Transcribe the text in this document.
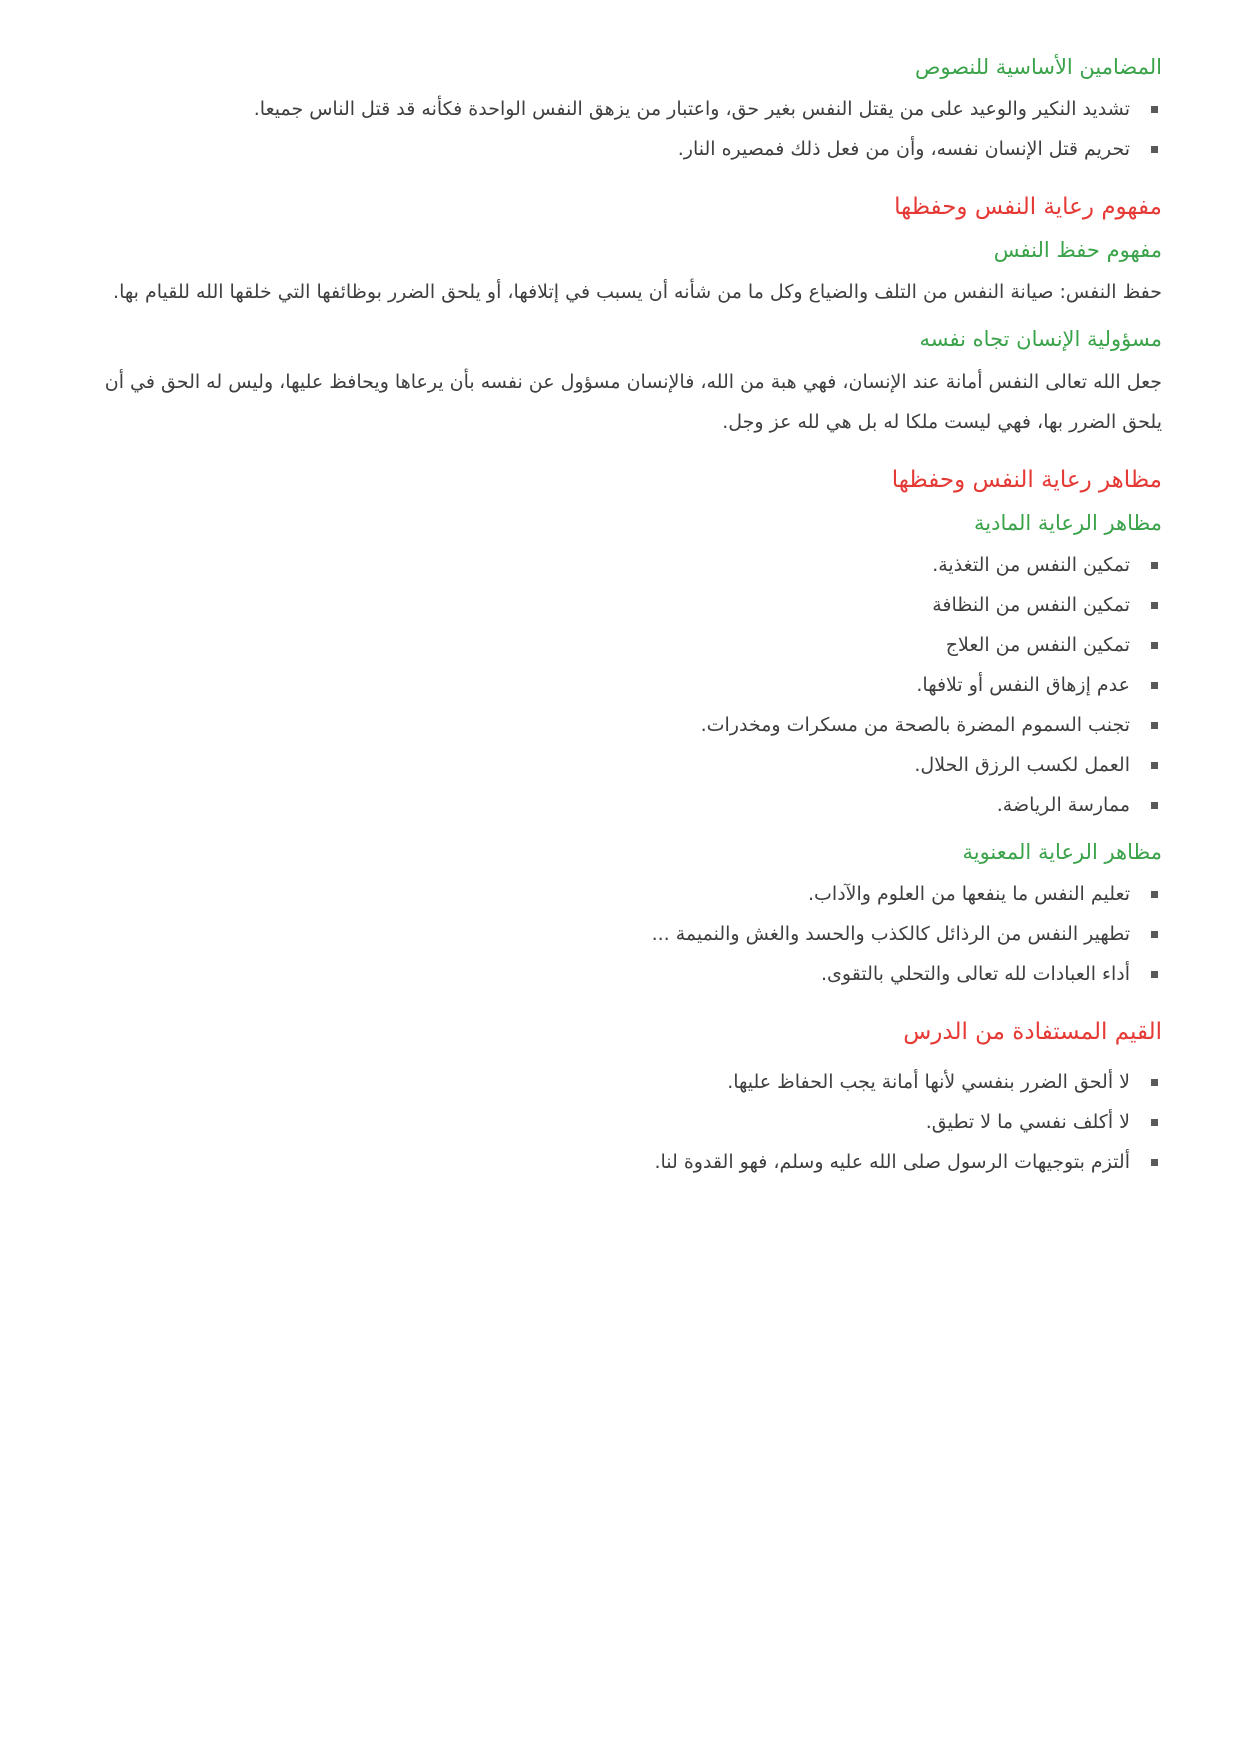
المضامين الأساسية للنصوص
تشديد النكير والوعيد على من يقتل النفس بغير حق، واعتبار من يزهق النفس الواحدة فكأنه قد قتل الناس جميعا.
تحريم قتل الإنسان نفسه، وأن من فعل ذلك فمصيره النار.
مفهوم رعاية النفس وحفظها
مفهوم حفظ النفس

حفظ النفس: صيانة النفس من التلف والضياع وكل ما من شأنه أن يسبب في إتلافها، أو يلحق الضرر بوظائفها التي خلقها الله للقيام بها.

مسؤولية الإنسان تجاه نفسه

جعل الله تعالى النفس أمانة عند الإنسان، فهي هبة من الله، فالإنسان مسؤول عن نفسه بأن يرعاها ويحافظ عليها، وليس له الحق في أن يلحق الضرر بها، فهي ليست ملكا له بل هي لله عز وجل.

مظاهر رعاية النفس وحفظها
مظاهر الرعاية المادية
تمكين النفس من التغذية.
تمكين النفس من النظافة
تمكين النفس من العلاج
عدم إزهاق النفس أو تلافها.
تجنب السموم المضرة بالصحة من مسكرات ومخدرات.
العمل لكسب الرزق الحلال.
ممارسة الرياضة.
مظاهر الرعاية المعنوية
تعليم النفس ما ينفعها من العلوم والآداب.
تطهير النفس من الرذائل كالكذب والحسد والغش والنميمة ...
أداء العبادات لله تعالى والتحلي بالتقوى.
القيم المستفادة من الدرس
لا ألحق الضرر بنفسي لأنها أمانة يجب الحفاظ عليها.
لا أكلف نفسي ما لا تطيق.
ألتزم بتوجيهات الرسول صلى الله عليه وسلم، فهو القدوة لنا.
